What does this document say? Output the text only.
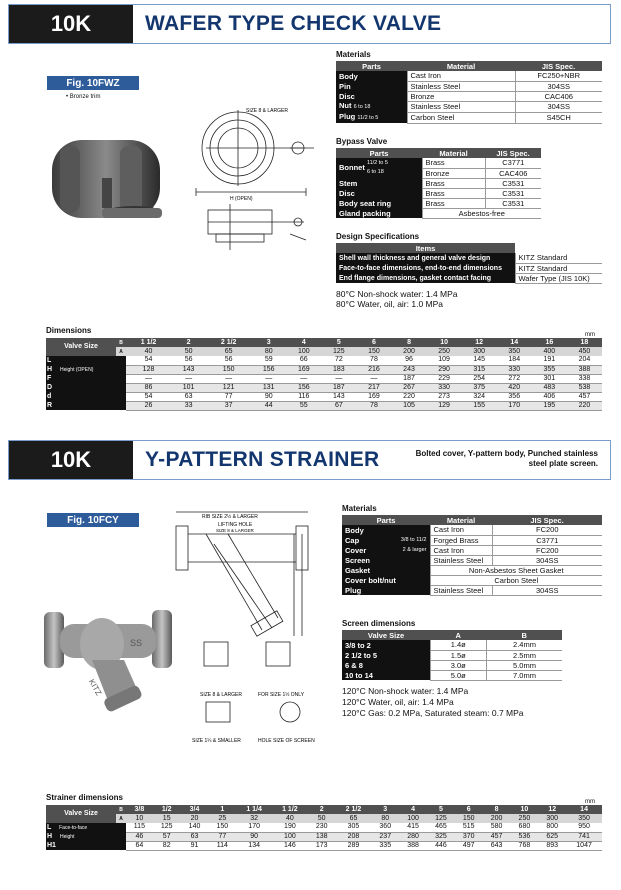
10K	WAFER TYPE CHECK VALVE
Fig. 10FWZ
• Bronze trim
SIZE 8 & LARGER
H (OPEN)
Materials
Parts	Material	JIS Spec.
Body	Cast Iron	FC250+NBR
Pin	Stainless Steel	304SS
Disc	Bronze	CAC406
Nut 6 to 18	Stainless Steel	304SS
Plug 11/2 to 5	Carbon Steel	S45CH
Bypass Valve
Parts	Material	JIS Spec.	
Bonnet 11/2 to 5
6 to 18	Brass	C3771	
	Bronze	CAC406	
Stem	Brass	C3531	
Disc	Brass	C3531	
Body seat ring	Brass	C3531	
Gland packing	Asbestos-free		
Design Specifications
Items	
Shell wall thickness and general valve design	KITZ Standard
Face-to-face dimensions, end-to-end dimensions	KITZ Standard
End flange dimensions, gasket contact facing	Wafer Type (JIS 10K)
80°C Non-shock water: 1.4 MPa
80°C Water, oil, air: 1.0 MPa
Dimensions	mm
Valve Size	B	1 1/2	2	2 1/2	3	4	5	6	8	10	12	14	16	18
	A	40	50	65	80	100	125	150	200	250	300	350	400	450
L		54	56	56	59	66	72	78	96	109	145	184	191	204
H Height (OPEN)		128	143	150	156	169	183	216	243	290	315	330	355	388
F		—	—	—	—	—	—	—	187	229	254	272	301	338
D		86	101	121	131	156	187	217	267	330	375	420	483	538
d		54	63	77	90	116	143	169	220	273	324	356	406	457
R		26	33	37	44	55	67	78	105	129	155	170	195	220
10K	Y-PATTERN STRAINER	Bolted cover, Y-pattern body, Punched stainless
steel plate screen.
Fig. 10FCY
SS
KITZ
RIB SIZE 2½ & LARGER
LIFTING HOLE
SIZE 8 & LARGER
SIZE 8 & LARGER	FOR SIZE 1½ ONLY
SIZE 1¼ & SMALLER	HOLE SIZE OF SCREEN
Materials
Parts	Material	JIS Spec.
Body	Cast Iron	FC200
Cap 3/8 to 11/2	Forged Brass	C3771
Cover 2 & larger	Cast Iron	FC200
Screen	Stainless Steel	304SS
Gasket	Non-Asbestos Sheet Gasket	
Cover bolt/nut	Carbon Steel	
Plug	Stainless Steel	304SS
Screen dimensions
Valve Size	A	B
3/8 to 2	1.4ø	2.4mm
2 1/2 to 5	1.5ø	2.5mm
6 & 8	3.0ø	5.0mm
10 to 14	5.0ø	7.0mm
120°C Non-shock water: 1.4 MPa
120°C Water, oil, air: 1.4 MPa
120°C Gas: 0.2 MPa, Saturated steam: 0.7 MPa
Strainer dimensions	mm
Valve Size	B	3/8	1/2	3/4	1	1 1/4	1 1/2	2	2 1/2	3	4	5	6	8	10	12	14
	A	10	15	20	25	32	40	50	65	80	100	125	150	200	250	300	350
L Face-to-face		115	125	140	150	170	190	230	305	360	415	465	515	580	680	800	950
H Height		46	57	63	77	90	100	138	208	237	280	325	370	457	536	625	741
H1		64	82	91	114	134	146	173	289	335	388	446	497	643	768	893	1047
